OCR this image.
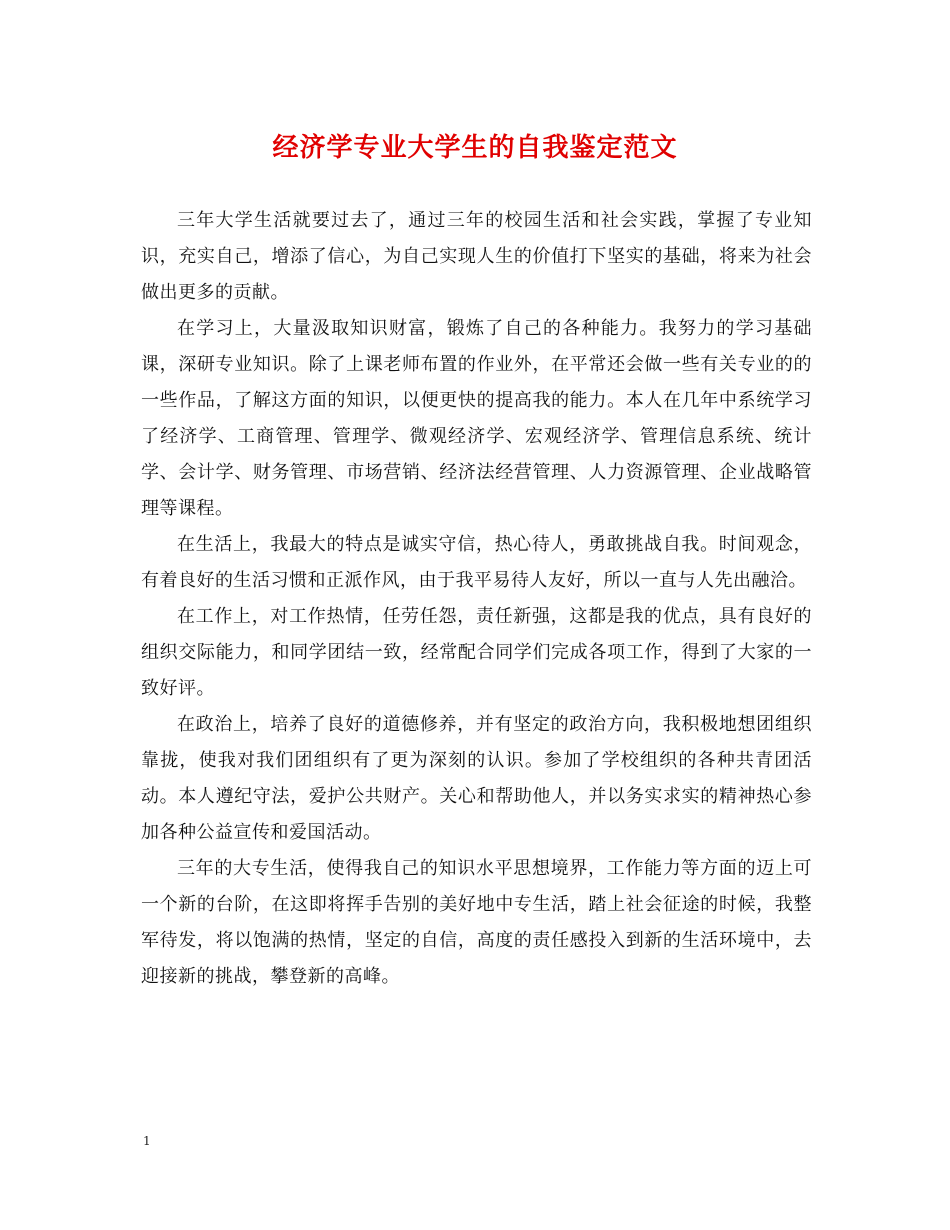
经济学专业大学生的自我鉴定范文

三年大学生活就要过去了，通过三年的校园生活和社会实践，掌握了专业知识，充实自己，增添了信心，为自己实现人生的价值打下坚实的基础，将来为社会做出更多的贡献。

在学习上，大量汲取知识财富，锻炼了自己的各种能力。我努力的学习基础课，深研专业知识。除了上课老师布置的作业外，在平常还会做一些有关专业的的一些作品，了解这方面的知识，以便更快的提高我的能力。本人在几年中系统学习了经济学、工商管理、管理学、微观经济学、宏观经济学、管理信息系统、统计学、会计学、财务管理、市场营销、经济法经营管理、人力资源管理、企业战略管理等课程。

在生活上，我最大的特点是诚实守信，热心待人，勇敢挑战自我。时间观念，有着良好的生活习惯和正派作风，由于我平易待人友好，所以一直与人先出融洽。

在工作上，对工作热情，任劳任怨，责任新强，这都是我的优点，具有良好的组织交际能力，和同学团结一致，经常配合同学们完成各项工作，得到了大家的一致好评。

在政治上，培养了良好的道德修养，并有坚定的政治方向，我积极地想团组织靠拢，使我对我们团组织有了更为深刻的认识。参加了学校组织的各种共青团活动。本人遵纪守法，爱护公共财产。关心和帮助他人，并以务实求实的精神热心参加各种公益宣传和爱国活动。

三年的大专生活，使得我自己的知识水平思想境界，工作能力等方面的迈上可一个新的台阶，在这即将挥手告别的美好地中专生活，踏上社会征途的时候，我整军待发，将以饱满的热情，坚定的自信，高度的责任感投入到新的生活环境中，去迎接新的挑战，攀登新的高峰。

1
